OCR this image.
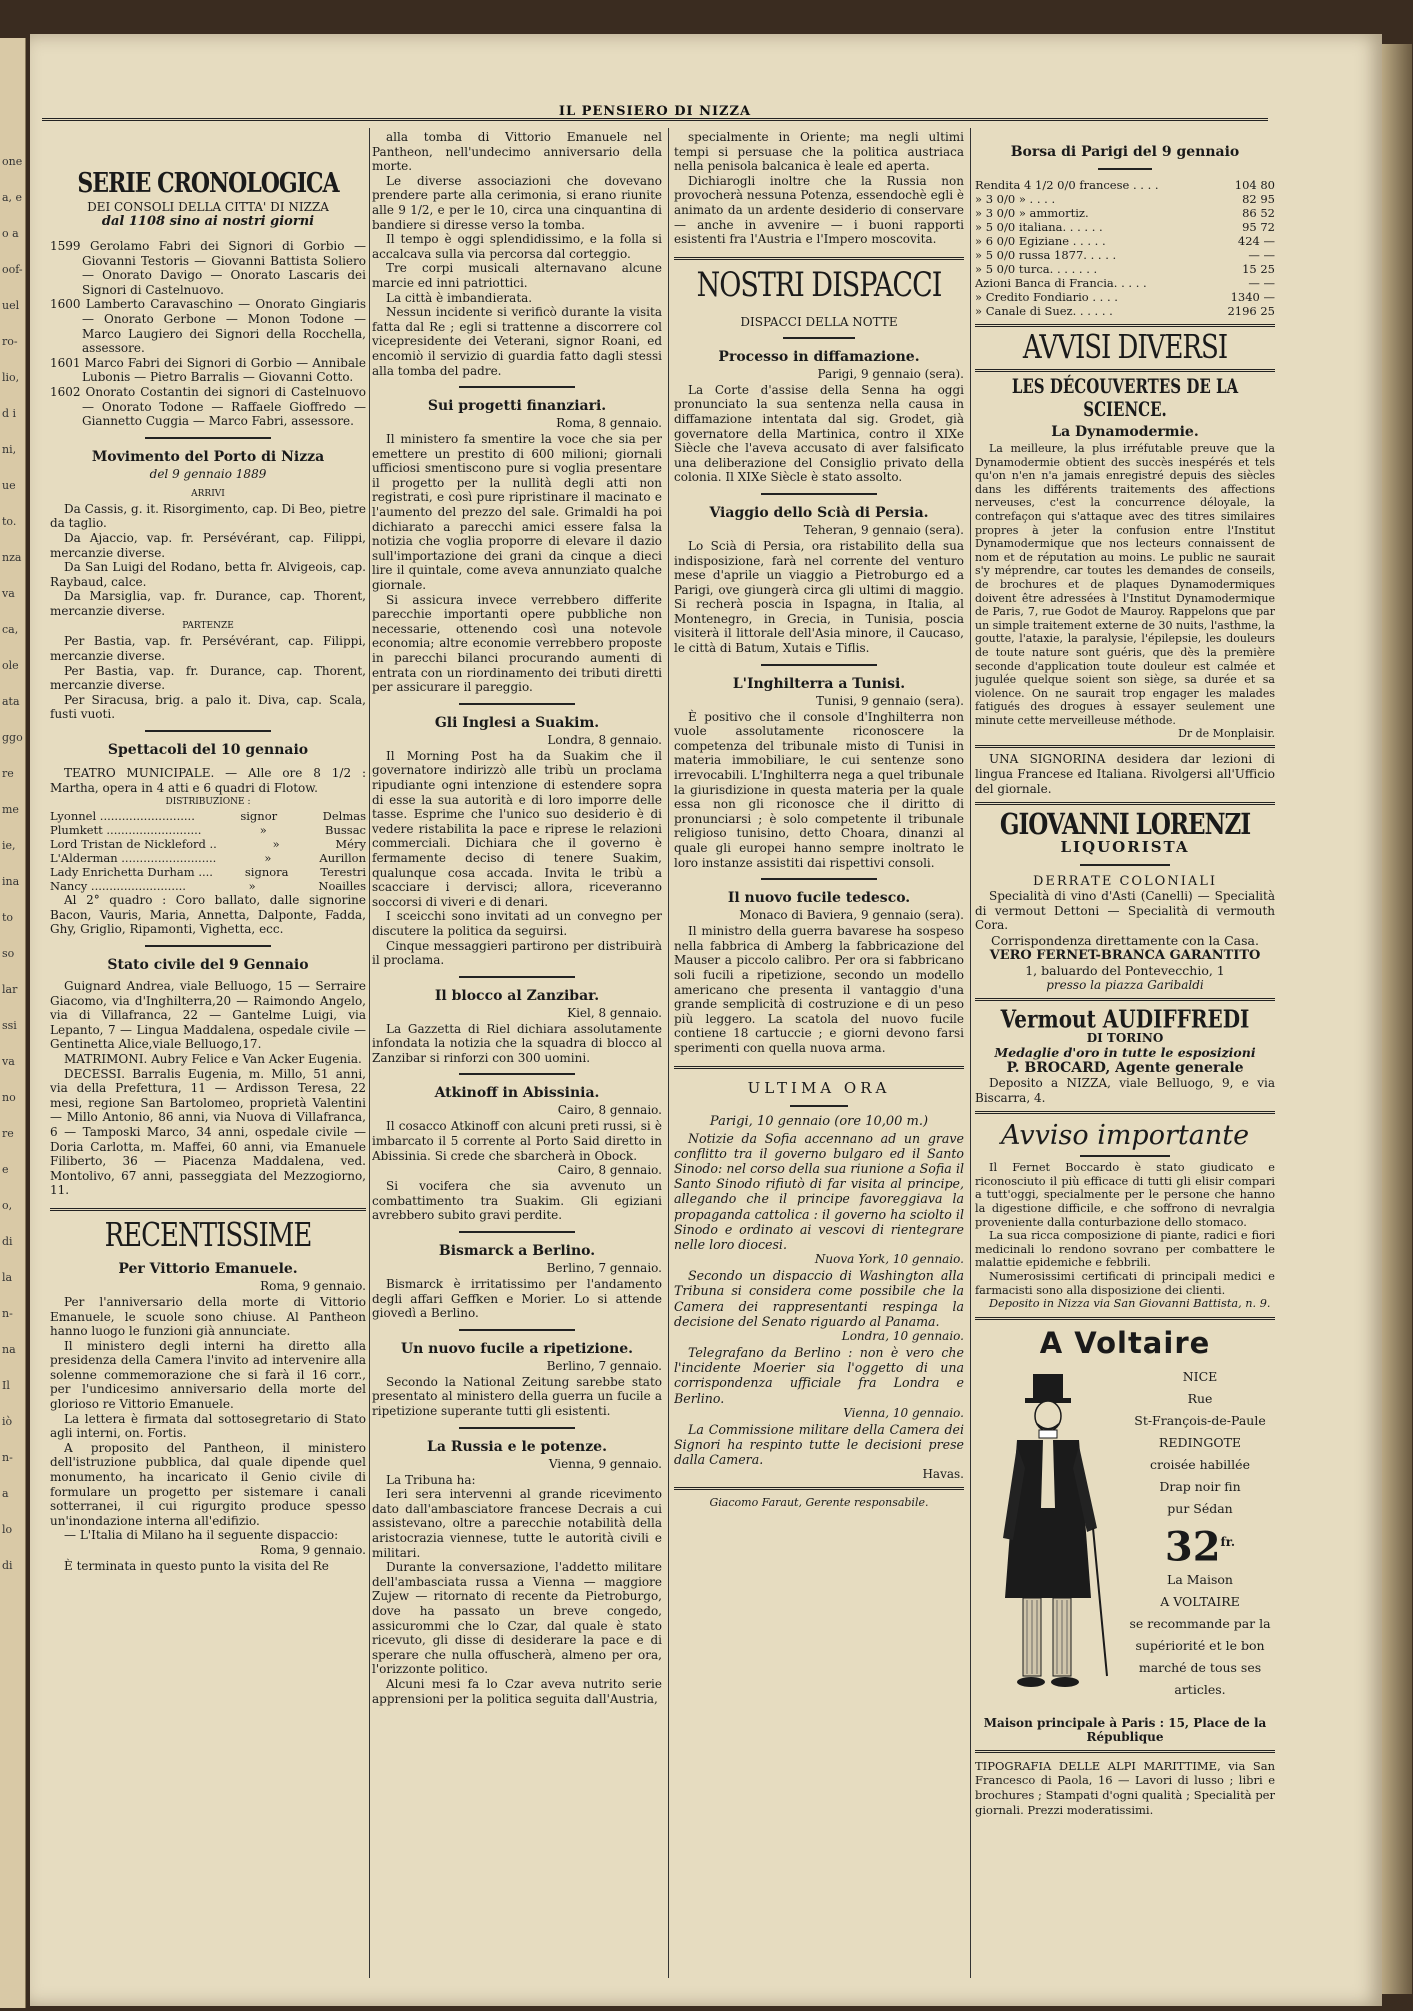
one
a, e
o a
oof-
uel
ro-
lio,
d i
ni,
ue
to.
nza
va
ca,
ole
ata
ggo
re
me
ie,
ina
to
so
lar
ssi
va
no
re
e
o,
di
la
n-
na
Il
iò
n-
a
lo
di
IL PENSIERO DI NIZZA
SERIE CRONOLOGICA
DEI CONSOLI DELLA CITTA' DI NIZZA
dal 1108 sino ai nostri giorni

1599 Gerolamo Fabri dei Signori di Gorbio — Giovanni Testoris — Giovanni Battista Soliero — Onorato Davigo — Onorato Lascaris dei Signori di Castelnuovo.

1600 Lamberto Caravaschino — Onorato Gingiaris — Onorato Gerbone — Monon Todone — Marco Laugiero dei Signori della Rocchella, assessore.

1601 Marco Fabri dei Signori di Gorbio — Annibale Lubonis — Pietro Barralis — Giovanni Cotto.

1602 Onorato Costantin dei signori di Castelnuovo — Onorato Todone — Raffaele Gioffredo — Giannetto Cuggia — Marco Fabri, assessore.

Movimento del Porto di Nizza
del 9 gennaio 1889
ARRIVI

Da Cassis, g. it. Risorgimento, cap. Di Beo, pietre da taglio.

Da Ajaccio, vap. fr. Persévérant, cap. Filippi, mercanzie diverse.

Da San Luigi del Rodano, betta fr. Alvigeois, cap. Raybaud, calce.

Da Marsiglia, vap. fr. Durance, cap. Thorent, mercanzie diverse.

PARTENZE

Per Bastia, vap. fr. Persévérant, cap. Filippi, mercanzie diverse.

Per Bastia, vap. fr. Durance, cap. Thorent, mercanzie diverse.

Per Siracusa, brig. a palo it. Diva, cap. Scala, fusti vuoti.

Spettacoli del 10 gennaio

TEATRO MUNICIPALE. — Alle ore 8 1/2 : Martha, opera in 4 atti e 6 quadri di Flotow.

DISTRIBUZIONE :
Lyonnel ..........................	signor	Delmas
Plumkett ..........................	»	Bussac
Lord Tristan de Nickleford ..	»	Méry
L'Alderman ..........................	»	Aurillon
Lady Enrichetta Durham ....	signora	Terestri
Nancy ..........................	»	Noailles

Al 2° quadro : Coro ballato, dalle signorine Bacon, Vauris, Maria, Annetta, Dalponte, Fadda, Ghy, Griglio, Ripamonti, Vighetta, ecc.

Stato civile del 9 Gennaio

Guignard Andrea, viale Belluogo, 15 — Serraire Giacomo, via d'Inghilterra,20 — Raimondo Angelo, via di Villafranca, 22 — Gantelme Luigi, via Lepanto, 7 — Lingua Maddalena, ospedale civile — Gentinetta Alice,viale Belluogo,17.

MATRIMONI. Aubry Felice e Van Acker Eugenia.

DECESSI. Barralis Eugenia, m. Millo, 51 anni, via della Prefettura, 11 — Ardisson Teresa, 22 mesi, regione San Bartolomeo, proprietà Valentini — Millo Antonio, 86 anni, via Nuova di Villafranca, 6 — Tamposki Marco, 34 anni, ospedale civile — Doria Carlotta, m. Maffei, 60 anni, via Emanuele Filiberto, 36 — Piacenza Maddalena, ved. Montolivo, 67 anni, passeggiata del Mezzogiorno, 11.

RECENTISSIME
Per Vittorio Emanuele.
Roma, 9 gennaio.

Per l'anniversario della morte di Vittorio Emanuele, le scuole sono chiuse. Al Pantheon hanno luogo le funzioni già annunciate.

Il ministero degli interni ha diretto alla presidenza della Camera l'invito ad intervenire alla solenne commemorazione che si farà il 16 corr., per l'undicesimo anniversario della morte del glorioso re Vittorio Emanuele.

La lettera è firmata dal sottosegretario di Stato agli interni, on. Fortis.

A proposito del Pantheon, il ministero dell'istruzione pubblica, dal quale dipende quel monumento, ha incaricato il Genio civile di formulare un progetto per sistemare i canali sotterranei, il cui rigurgito produce spesso un'inondazione interna all'edifizio.

— L'Italia di Milano ha il seguente dispaccio:

Roma, 9 gennaio.

È terminata in questo punto la visita del Re

alla tomba di Vittorio Emanuele nel Pantheon, nell'undecimo anniversario della morte.

Le diverse associazioni che dovevano prendere parte alla cerimonia, si erano riunite alle 9 1/2, e per le 10, circa una cinquantina di bandiere si diresse verso la tomba.

Il tempo è oggi splendidissimo, e la folla si accalcava sulla via percorsa dal corteggio.

Tre corpi musicali alternavano alcune marcie ed inni patriottici.

La città è imbandierata.

Nessun incidente si verificò durante la visita fatta dal Re ; egli si trattenne a discorrere col vicepresidente dei Veterani, signor Roani, ed encomiò il servizio di guardia fatto dagli stessi alla tomba del padre.

Sui progetti finanziari.
Roma, 8 gennaio.

Il ministero fa smentire la voce che sia per emettere un prestito di 600 milioni; giornali ufficiosi smentiscono pure si voglia presentare il progetto per la nullità degli atti non registrati, e così pure ripristinare il macinato e l'aumento del prezzo del sale. Grimaldi ha poi dichiarato a parecchi amici essere falsa la notizia che voglia proporre di elevare il dazio sull'importazione dei grani da cinque a dieci lire il quintale, come aveva annunziato qualche giornale.

Si assicura invece verrebbero differite parecchie importanti opere pubbliche non necessarie, ottenendo così una notevole economia; altre economie verrebbero proposte in parecchi bilanci procurando aumenti di entrata con un riordinamento dei tributi diretti per assicurare il pareggio.

Gli Inglesi a Suakim.
Londra, 8 gennaio.

Il Morning Post ha da Suakim che il governatore indirizzò alle tribù un proclama ripudiante ogni intenzione di estendere sopra di esse la sua autorità e di loro imporre delle tasse. Esprime che l'unico suo desiderio è di vedere ristabilita la pace e riprese le relazioni commerciali. Dichiara che il governo è fermamente deciso di tenere Suakim, qualunque cosa accada. Invita le tribù a scacciare i dervisci; allora, riceveranno soccorsi di viveri e di denari.

I sceicchi sono invitati ad un convegno per discutere la politica da seguirsi.

Cinque messaggieri partirono per distribuirà il proclama.

Il blocco al Zanzibar.
Kiel, 8 gennaio.

La Gazzetta di Riel dichiara assolutamente infondata la notizia che la squadra di blocco al Zanzibar si rinforzi con 300 uomini.

Atkinoff in Abissinia.
Cairo, 8 gennaio.

Il cosacco Atkinoff con alcuni preti russi, si è imbarcato il 5 corrente al Porto Said diretto in Abissinia. Si crede che sbarcherà in Obock.

Cairo, 8 gennaio.

Si vocifera che sia avvenuto un combattimento tra Suakim. Gli egiziani avrebbero subito gravi perdite.

Bismarck a Berlino.
Berlino, 7 gennaio.

Bismarck è irritatissimo per l'andamento degli affari Geffken e Morier. Lo si attende giovedì a Berlino.

Un nuovo fucile a ripetizione.
Berlino, 7 gennaio.

Secondo la National Zeitung sarebbe stato presentato al ministero della guerra un fucile a ripetizione superante tutti gli esistenti.

La Russia e le potenze.
Vienna, 9 gennaio.

La Tribuna ha:

Ieri sera intervenni al grande ricevimento dato dall'ambasciatore francese Decrais a cui assistevano, oltre a parecchie notabilità della aristocrazia viennese, tutte le autorità civili e militari.

Durante la conversazione, l'addetto militare dell'ambasciata russa a Vienna — maggiore Zujew — ritornato di recente da Pietroburgo, dove ha passato un breve congedo, assicurommi che lo Czar, dal quale è stato ricevuto, gli disse di desiderare la pace e di sperare che nulla offuscherà, almeno per ora, l'orizzonte politico.

Alcuni mesi fa lo Czar aveva nutrito serie apprensioni per la politica seguita dall'Austria,

specialmente in Oriente; ma negli ultimi tempi si persuase che la politica austriaca nella penisola balcanica è leale ed aperta.

Dichiarogli inoltre che la Russia non provocherà nessuna Potenza, essendochè egli è animato da un ardente desiderio di conservare — anche in avvenire — i buoni rapporti esistenti fra l'Austria e l'Impero moscovita.

NOSTRI DISPACCI
DISPACCI DELLA NOTTE
Processo in diffamazione.
Parigi, 9 gennaio (sera).

La Corte d'assise della Senna ha oggi pronunciato la sua sentenza nella causa in diffamazione intentata dal sig. Grodet, già governatore della Martinica, contro il XIXe Siècle che l'aveva accusato di aver falsificato una deliberazione del Consiglio privato della colonia. Il XIXe Siècle è stato assolto.

Viaggio dello Scià di Persia.
Teheran, 9 gennaio (sera).

Lo Scià di Persia, ora ristabilito della sua indisposizione, farà nel corrente del venturo mese d'aprile un viaggio a Pietroburgo ed a Parigi, ove giungerà circa gli ultimi di maggio. Si recherà poscia in Ispagna, in Italia, al Montenegro, in Grecia, in Tunisia, poscia visiterà il littorale dell'Asia minore, il Caucaso, le città di Batum, Xutais e Tiflis.

L'Inghilterra a Tunisi.
Tunisi, 9 gennaio (sera).

È positivo che il console d'Inghilterra non vuole assolutamente riconoscere la competenza del tribunale misto di Tunisi in materia immobiliare, le cui sentenze sono irrevocabili. L'Inghilterra nega a quel tribunale la giurisdizione in questa materia per la quale essa non gli riconosce che il diritto di pronunciarsi ; è solo competente il tribunale religioso tunisino, detto Choara, dinanzi al quale gli europei hanno sempre inoltrato le loro instanze assistiti dai rispettivi consoli.

Il nuovo fucile tedesco.
Monaco di Baviera, 9 gennaio (sera).

Il ministro della guerra bavarese ha sospeso nella fabbrica di Amberg la fabbricazione del Mauser a piccolo calibro. Per ora si fabbricano soli fucili a ripetizione, secondo un modello americano che presenta il vantaggio d'una grande semplicità di costruzione e di un peso più leggero. La scatola del nuovo fucile contiene 18 cartuccie ; e giorni devono farsi sperimenti con quella nuova arma.

ULTIMA ORA
Parigi, 10 gennaio (ore 10,00 m.)

Notizie da Sofia accennano ad un grave conflitto tra il governo bulgaro ed il Santo Sinodo: nel corso della sua riunione a Sofia il Santo Sinodo rifiutò di far visita al principe, allegando che il principe favoreggiava la propaganda cattolica : il governo ha sciolto il Sinodo e ordinato ai vescovi di rientegrare nelle loro diocesi.

Nuova York, 10 gennaio.

Secondo un dispaccio di Washington alla Tribuna si considera come possibile che la Camera dei rappresentanti respinga la decisione del Senato riguardo al Panama.

Londra, 10 gennaio.

Telegrafano da Berlino : non è vero che l'incidente Moerier sia l'oggetto di una corrispondenza ufficiale fra Londra e Berlino.

Vienna, 10 gennaio.

La Commissione militare della Camera dei Signori ha respinto tutte le decisioni prese dalla Camera.

Havas.
Giacomo Faraut, Gerente responsabile.
Borsa di Parigi del 9 gennaio
Rendita 4 1/2 0/0 francese . . . .	104 80
» 3 0/0 » . . . .	82 95
» 3 0/0 » ammortiz.	86 52
» 5 0/0 italiana. . . . . .	95 72
» 6 0/0 Egiziane . . . . .	424 —
» 5 0/0 russa 1877. . . . .	— —
» 5 0/0 turca. . . . . . .	15 25
Azioni Banca di Francia. . . . .	— —
» Credito Fondiario . . . .	1340 —
» Canale di Suez. . . . . .	2196 25
AVVISI DIVERSI
LES DÉCOUVERTES DE LA SCIENCE.
La Dynamodermie.

La meilleure, la plus irréfutable preuve que la Dynamodermie obtient des succès inespérés et tels qu'on n'en n'a jamais enregistré depuis des siècles dans les différents traitements des affections nerveuses, c'est la concurrence déloyale, la contrefaçon qui s'attaque avec des titres similaires propres à jeter la confusion entre l'Institut Dynamodermique que nos lecteurs connaissent de nom et de réputation au moins. Le public ne saurait s'y méprendre, car toutes les demandes de conseils, de brochures et de plaques Dynamodermiques doivent être adressées à l'Institut Dynamodermique de Paris, 7, rue Godot de Mauroy. Rappelons que par un simple traitement externe de 30 nuits, l'asthme, la goutte, l'ataxie, la paralysie, l'épilepsie, les douleurs de toute nature sont guéris, que dès la première seconde d'application toute douleur est calmée et jugulée quelque soient son siège, sa durée et sa violence. On ne saurait trop engager les malades fatigués des drogues à essayer seulement une minute cette merveilleuse méthode.

Dr de Monplaisir.

UNA SIGNORINA desidera dar lezioni di lingua Francese ed Italiana. Rivolgersi all'Ufficio del giornale.

GIOVANNI LORENZI
LIQUORISTA
DERRATE COLONIALI

Specialità di vino d'Asti (Canelli) — Specialità di vermout Dettoni — Specialità di vermouth Cora.

Corrispondenza direttamente con la Casa.
VERO FERNET-BRANCA GARANTITO
1, baluardo del Pontevecchio, 1
presso la piazza Garibaldi
Vermout AUDIFFREDI
DI TORINO
Medaglie d'oro in tutte le esposizioni
P. BROCARD, Agente generale

Deposito a NIZZA, viale Belluogo, 9, e via Biscarra, 4.

Avviso importante

Il Fernet Boccardo è stato giudicato e riconosciuto il più efficace di tutti gli elisir compari a tutt'oggi, specialmente per le persone che hanno la digestione difficile, e che soffrono di nevralgia proveniente dalla conturbazione dello stomaco.

La sua ricca composizione di piante, radici e fiori medicinali lo rendono sovrano per combattere le malattie epidemiche e febbrili.

Numerosissimi certificati di principali medici e farmacisti sono alla disposizione dei clienti.

Deposito in Nizza via San Giovanni Battista, n. 9.

A Voltaire

NICE

Rue

St-François-de-Paule

REDINGOTE

croisée habillée

Drap noir fin

pur Sédan

$32^{fr.}$

La Maison

A VOLTAIRE

se recommande par la supériorité et le bon marché de tous ses articles.

Maison principale à Paris : 15, Place de la République

TIPOGRAFIA DELLE ALPI MARITTIME, via San Francesco di Paola, 16 — Lavori di lusso ; libri e brochures ; Stampati d'ogni qualità ; Specialità per giornali. Prezzi moderatissimi.
